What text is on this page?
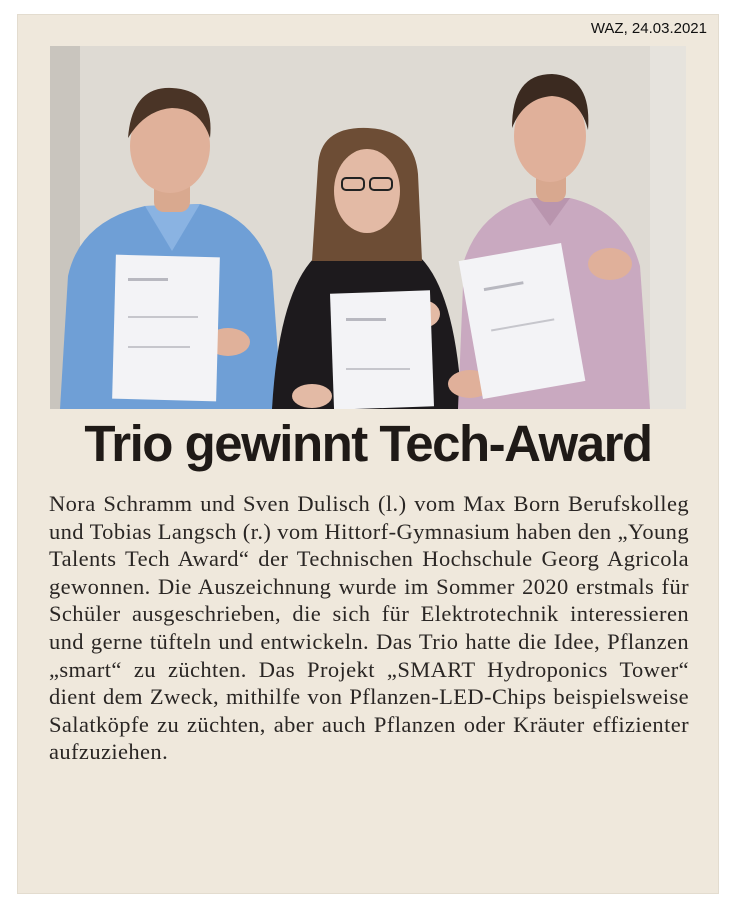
WAZ, 24.03.2021
Trio gewinnt Tech-Award
Nora Schramm und Sven Dulisch (l.) vom Max Born Berufskolleg und Tobias Langsch (r.) vom Hittorf-Gymnasium haben den „Young Talents Tech Award“ der Technischen Hochschule Georg Agricola gewonnen. Die Auszeichnung wurde im Sommer 2020 erstmals für Schüler ausgeschrieben, die sich für Elektrotechnik interessieren und gerne tüfteln und entwickeln. Das Trio hatte die Idee, Pflanzen „smart“ zu züchten. Das Projekt „SMART Hydroponics Tower“ dient dem Zweck, mithilfe von Pflanzen-LED-Chips beispielsweise Salatköpfe zu züchten, aber auch Pflanzen oder Kräuter effizienter aufzuziehen.
